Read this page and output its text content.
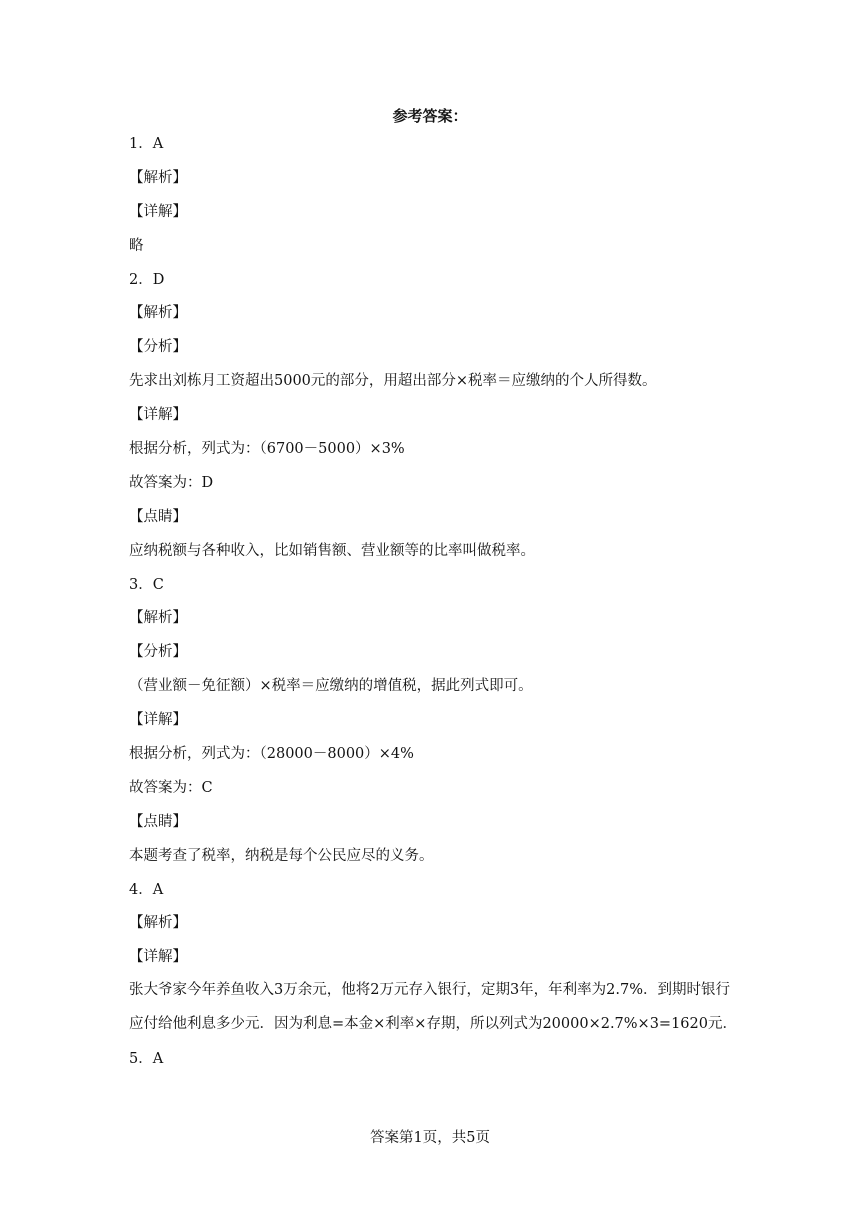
参考答案：
1．A
【解析】
【详解】
略
2．D
【解析】
【分析】
先求出刘栋月工资超出5000元的部分，用超出部分×税率＝应缴纳的个人所得数。
【详解】
根据分析，列式为：（6700－5000）×3%
故答案为：D
【点睛】
应纳税额与各种收入，比如销售额、营业额等的比率叫做税率。
3．C
【解析】
【分析】
（营业额－免征额）×税率＝应缴纳的增值税，据此列式即可。
【详解】
根据分析，列式为：（28000－8000）×4%
故答案为：C
【点睛】
本题考查了税率，纳税是每个公民应尽的义务。
4．A
【解析】
【详解】
张大爷家今年养鱼收入3万余元，他将2万元存入银行，定期3年，年利率为2.7%．到期时银行应付给他利息多少元．因为利息=本金×利率×存期，所以列式为20000×2.7%×3=1620元．
5．A
答案第1页，共5页
